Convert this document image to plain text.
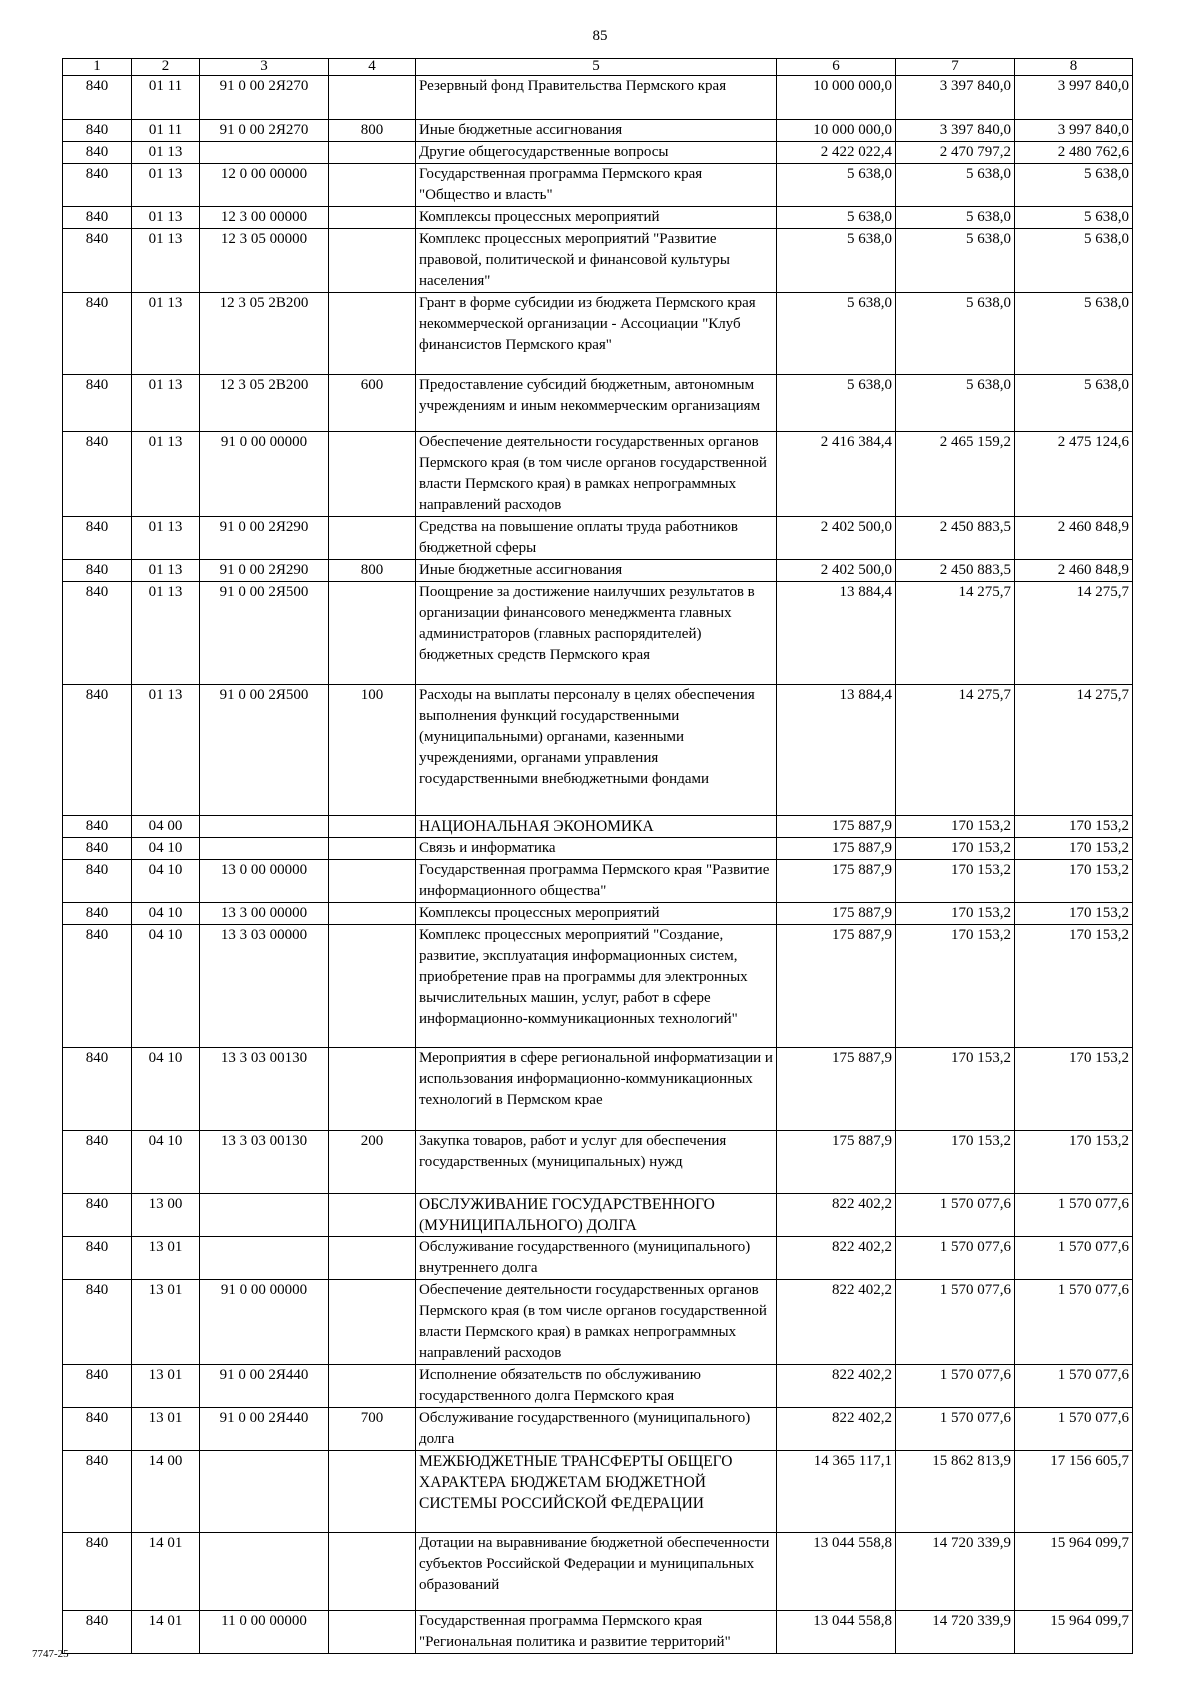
85
1	2	3	4	5	6	7	8
840	01 11	91 0 00 2Я270		Резервный фонд Правительства Пермского края	10 000 000,0	3 397 840,0	3 997 840,0
840	01 11	91 0 00 2Я270	800	Иные бюджетные ассигнования	10 000 000,0	3 397 840,0	3 997 840,0
840	01 13			Другие общегосударственные вопросы	2 422 022,4	2 470 797,2	2 480 762,6
840	01 13	12 0 00 00000		Государственная программа Пермского края "Общество и власть"	5 638,0	5 638,0	5 638,0
840	01 13	12 3 00 00000		Комплексы процессных мероприятий	5 638,0	5 638,0	5 638,0
840	01 13	12 3 05 00000		Комплекс процессных мероприятий "Развитие правовой, политической и финансовой культуры населения"	5 638,0	5 638,0	5 638,0
840	01 13	12 3 05 2В200		Грант в форме субсидии из бюджета Пермского края некоммерческой организации - Ассоциации "Клуб финансистов Пермского края"	5 638,0	5 638,0	5 638,0
840	01 13	12 3 05 2В200	600	Предоставление субсидий бюджетным, автономным учреждениям и иным некоммерческим организациям	5 638,0	5 638,0	5 638,0
840	01 13	91 0 00 00000		Обеспечение деятельности государственных органов Пермского края (в том числе органов государственной власти Пермского края) в рамках непрограммных направлений расходов	2 416 384,4	2 465 159,2	2 475 124,6
840	01 13	91 0 00 2Я290		Средства на повышение оплаты труда работников бюджетной сферы	2 402 500,0	2 450 883,5	2 460 848,9
840	01 13	91 0 00 2Я290	800	Иные бюджетные ассигнования	2 402 500,0	2 450 883,5	2 460 848,9
840	01 13	91 0 00 2Я500		Поощрение за достижение наилучших результатов в организации финансового менеджмента главных администраторов (главных распорядителей) бюджетных средств Пермского края	13 884,4	14 275,7	14 275,7
840	01 13	91 0 00 2Я500	100	Расходы на выплаты персоналу в целях обеспечения выполнения функций государственными (муниципальными) органами, казенными учреждениями, органами управления государственными внебюджетными фондами	13 884,4	14 275,7	14 275,7
840	04 00			НАЦИОНАЛЬНАЯ ЭКОНОМИКА	175 887,9	170 153,2	170 153,2
840	04 10			Связь и информатика	175 887,9	170 153,2	170 153,2
840	04 10	13 0 00 00000		Государственная программа Пермского края "Развитие информационного общества"	175 887,9	170 153,2	170 153,2
840	04 10	13 3 00 00000		Комплексы процессных мероприятий	175 887,9	170 153,2	170 153,2
840	04 10	13 3 03 00000		Комплекс процессных мероприятий "Создание, развитие, эксплуатация информационных систем, приобретение прав на программы для электронных вычислительных машин, услуг, работ в сфере информационно-коммуникационных технологий"	175 887,9	170 153,2	170 153,2
840	04 10	13 3 03 00130		Мероприятия в сфере региональной информатизации и использования информационно-коммуникационных технологий в Пермском крае	175 887,9	170 153,2	170 153,2
840	04 10	13 3 03 00130	200	Закупка товаров, работ и услуг для обеспечения государственных (муниципальных) нужд	175 887,9	170 153,2	170 153,2
840	13 00			ОБСЛУЖИВАНИЕ ГОСУДАРСТВЕННОГО (МУНИЦИПАЛЬНОГО) ДОЛГА	822 402,2	1 570 077,6	1 570 077,6
840	13 01			Обслуживание государственного (муниципального) внутреннего долга	822 402,2	1 570 077,6	1 570 077,6
840	13 01	91 0 00 00000		Обеспечение деятельности государственных органов Пермского края (в том числе органов государственной власти Пермского края) в рамках непрограммных направлений расходов	822 402,2	1 570 077,6	1 570 077,6
840	13 01	91 0 00 2Я440		Исполнение обязательств по обслуживанию государственного долга Пермского края	822 402,2	1 570 077,6	1 570 077,6
840	13 01	91 0 00 2Я440	700	Обслуживание государственного (муниципального) долга	822 402,2	1 570 077,6	1 570 077,6
840	14 00			МЕЖБЮДЖЕТНЫЕ ТРАНСФЕРТЫ ОБЩЕГО ХАРАКТЕРА БЮДЖЕТАМ БЮДЖЕТНОЙ СИСТЕМЫ РОССИЙСКОЙ ФЕДЕРАЦИИ	14 365 117,1	15 862 813,9	17 156 605,7
840	14 01			Дотации на выравнивание бюджетной обеспеченности субъектов Российской Федерации и муниципальных образований	13 044 558,8	14 720 339,9	15 964 099,7
840	14 01	11 0 00 00000		Государственная программа Пермского края "Региональная политика и развитие территорий"	13 044 558,8	14 720 339,9	15 964 099,7
7747-25
